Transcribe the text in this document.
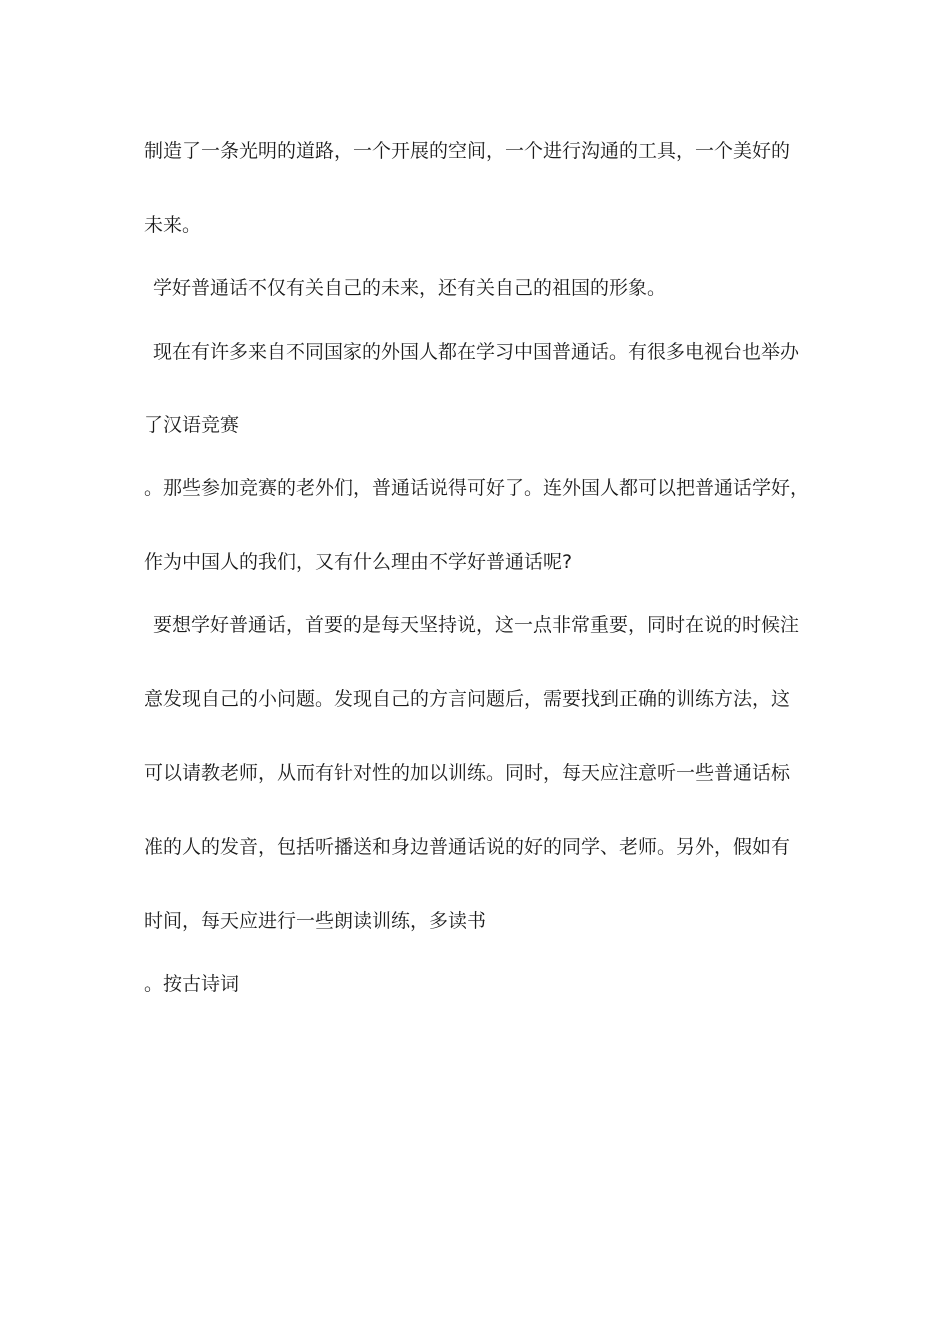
制造了一条光明的道路，一个开展的空间，一个进行沟通的工具，一个美好的
未来。
学好普通话不仅有关自己的未来，还有关自己的祖国的形象。
现在有许多来自不同国家的外国人都在学习中国普通话。有很多电视台也举办
了汉语竞赛
。那些参加竞赛的老外们，普通话说得可好了。连外国人都可以把普通话学好，
作为中国人的我们，又有什么理由不学好普通话呢?
要想学好普通话，首要的是每天坚持说，这一点非常重要，同时在说的时候注
意发现自己的小问题。发现自己的方言问题后，需要找到正确的训练方法，这
可以请教老师，从而有针对性的加以训练。同时，每天应注意听一些普通话标
准的人的发音，包括听播送和身边普通话说的好的同学、老师。另外，假如有
时间，每天应进行一些朗读训练，多读书
。按古诗词
